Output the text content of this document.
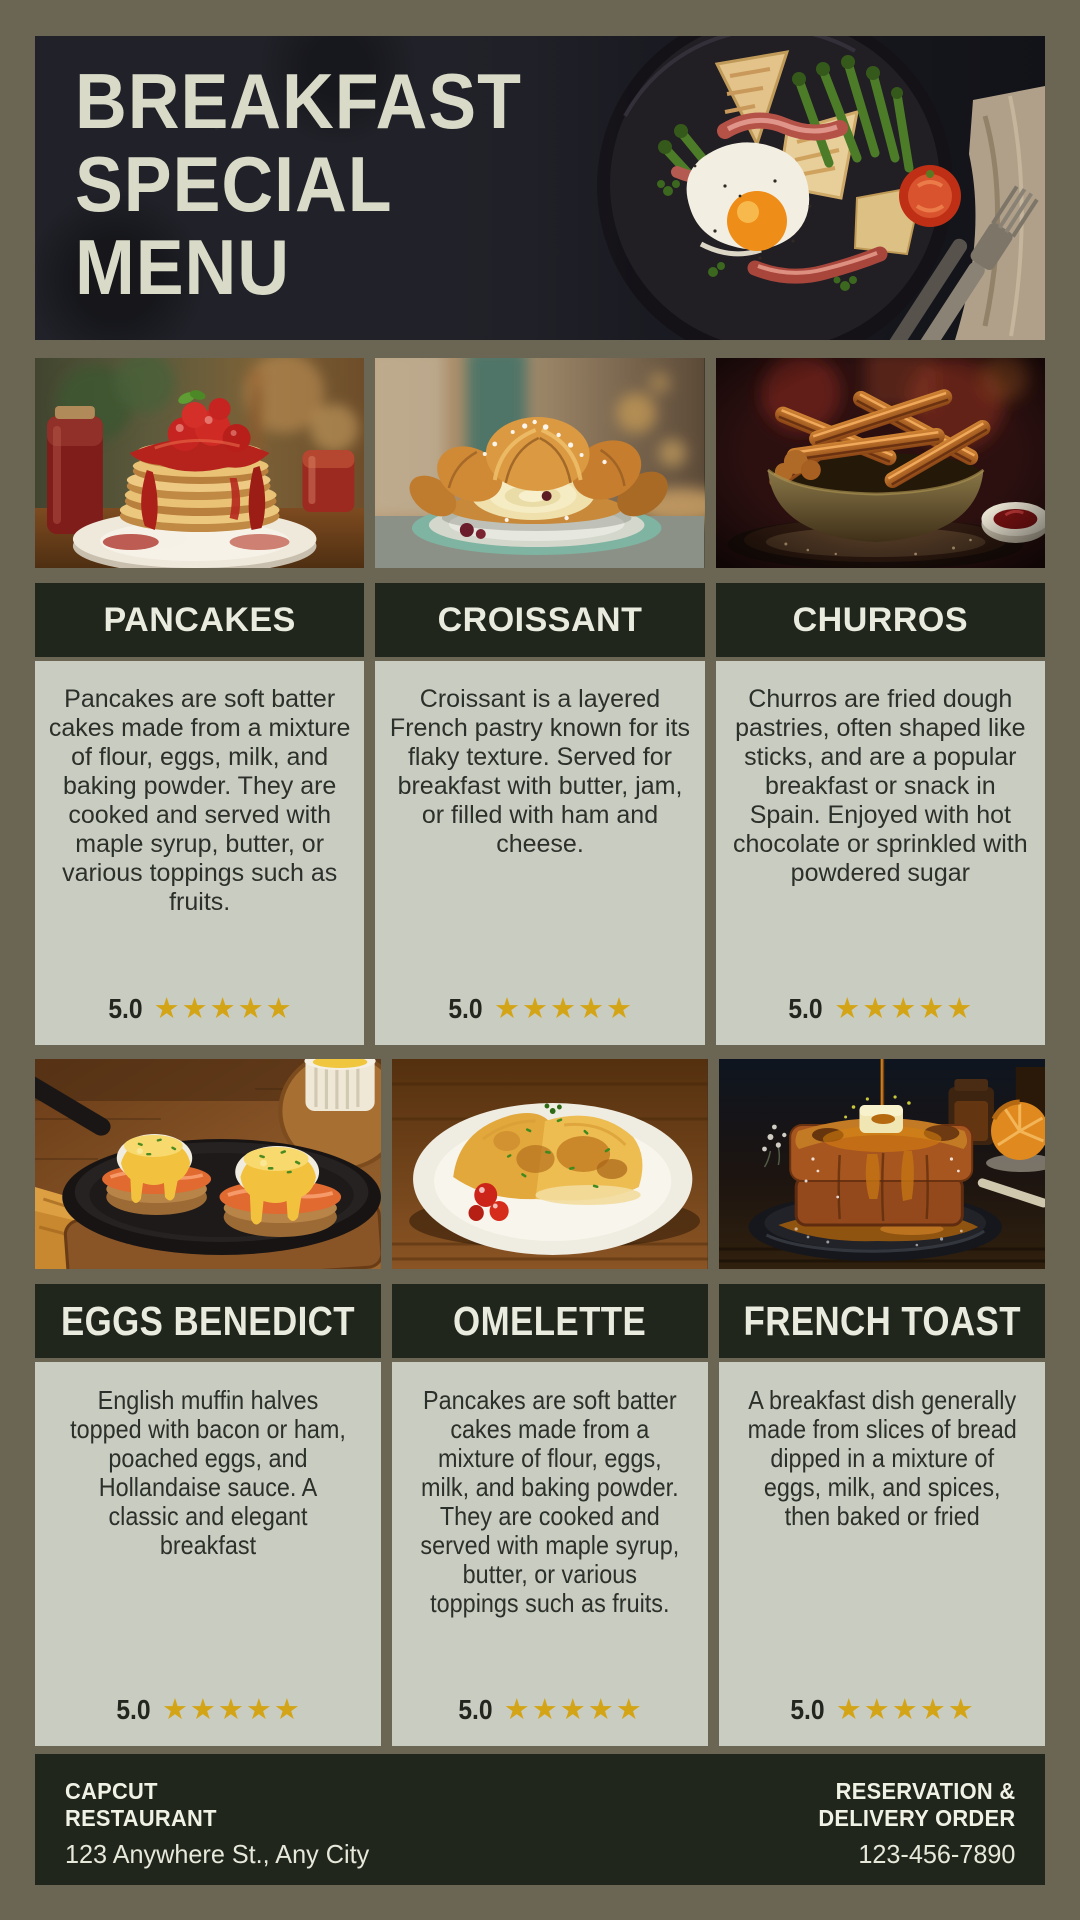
BREAKFAST
SPECIAL
MENU
PANCAKES

Pancakes are soft batter cakes made from a mixture of flour, eggs, milk, and baking powder. They are cooked and served with maple syrup, butter, or various toppings such as fruits.

5.0 ★★★★★
CROISSANT

Croissant is a layered French pastry known for its flaky texture. Served for breakfast with butter, jam, or filled with ham and cheese.

5.0 ★★★★★
CHURROS

Churros are fried dough pastries, often shaped like sticks, and are a popular breakfast or snack in Spain. Enjoyed with hot chocolate or sprinkled with powdered sugar

5.0 ★★★★★
EGGS BENEDICT

English muffin halves topped with bacon or ham, poached eggs, and Hollandaise sauce. A classic and elegant breakfast

5.0 ★★★★★
OMELETTE

Pancakes are soft batter cakes made from a mixture of flour, eggs, milk, and baking powder. They are cooked and served with maple syrup, butter, or various toppings such as fruits.

5.0 ★★★★★
FRENCH TOAST

A breakfast dish generally made from slices of bread dipped in a mixture of eggs, milk, and spices, then baked or fried

5.0 ★★★★★
CAPCUT
RESTAURANT
123 Anywhere St., Any City
RESERVATION &
DELIVERY ORDER
123-456-7890
